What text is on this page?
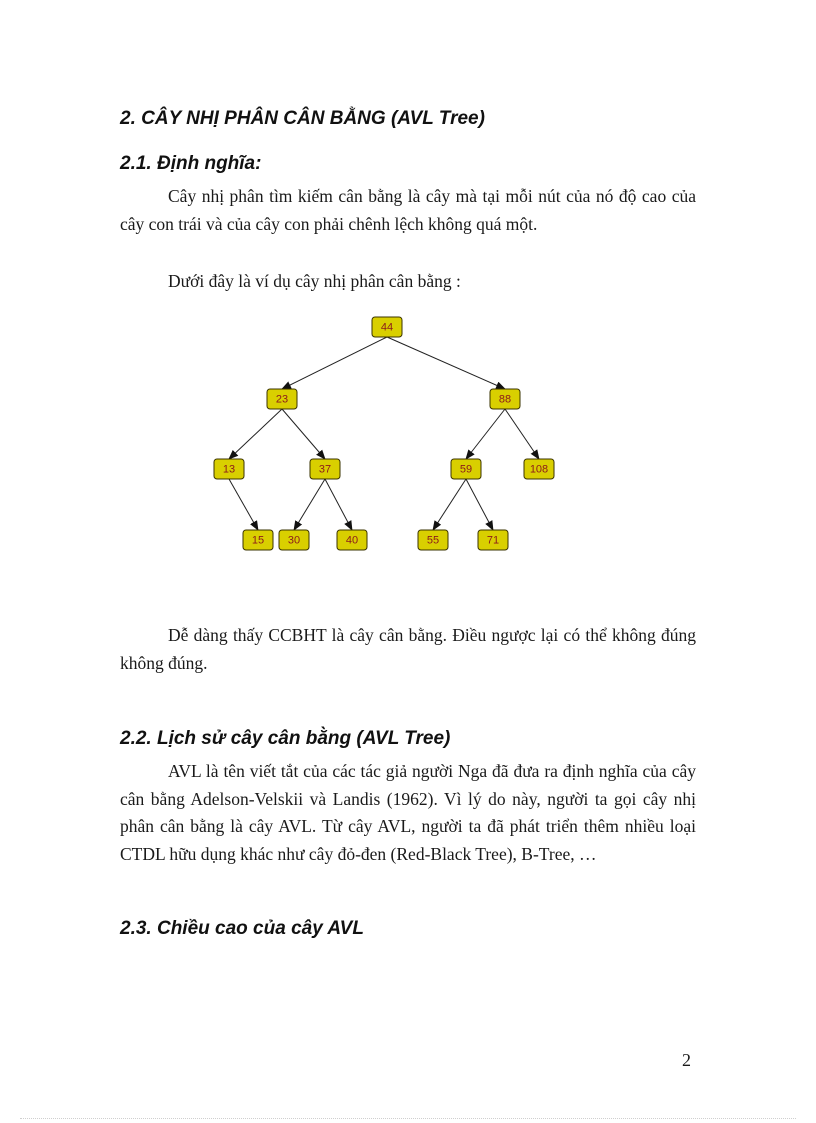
2. CÂY NHỊ PHÂN CÂN BẰNG (AVL Tree)
2.1. Định nghĩa:

Cây nhị phân tìm kiếm cân bằng là cây mà tại mỗi nút của nó độ cao của cây con trái và của cây con phải chênh lệch không quá một.

Dưới đây là ví dụ cây nhị phân cân bằng :

44
23	88
13	37	59	108
15 30	40	55	71

Dễ dàng thấy CCBHT là cây cân bằng. Điều ngược lại có thể không đúng không đúng.

2.2. Lịch sử cây cân bằng (AVL Tree)

AVL là tên viết tắt của các tác giả người Nga đã đưa ra định nghĩa của cây cân bằng Adelson-Velskii và Landis (1962). Vì lý do này, người ta gọi cây nhị phân cân bằng là cây AVL. Từ cây AVL, người ta đã phát triển thêm nhiều loại CTDL hữu dụng khác như cây đỏ-đen (Red-Black Tree), B-Tree, …

2.3. Chiều cao của cây AVL

2
